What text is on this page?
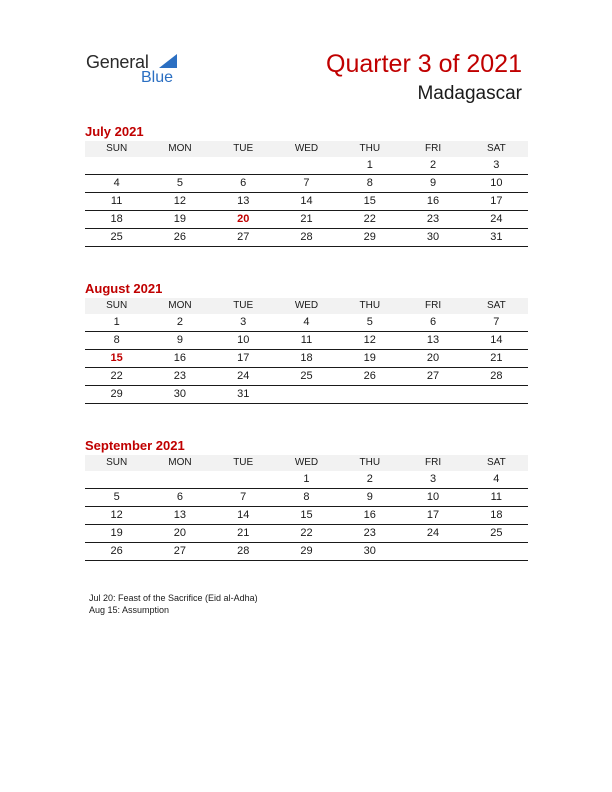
General
Blue	Quarter 3 of 2021
Madagascar
July 2021
SUN	MON	TUE	WED	THU	FRI	SAT
				1	2	3
4	5	6	7	8	9	10
11	12	13	14	15	16	17
18	19	20	21	22	23	24
25	26	27	28	29	30	31
August 2021
SUN	MON	TUE	WED	THU	FRI	SAT
1	2	3	4	5	6	7
8	9	10	11	12	13	14
15	16	17	18	19	20	21
22	23	24	25	26	27	28
29	30	31				
September 2021
SUN	MON	TUE	WED	THU	FRI	SAT
			1	2	3	4
5	6	7	8	9	10	11
12	13	14	15	16	17	18
19	20	21	22	23	24	25
26	27	28	29	30		
Jul 20: Feast of the Sacrifice (Eid al-Adha)
Aug 15: Assumption
